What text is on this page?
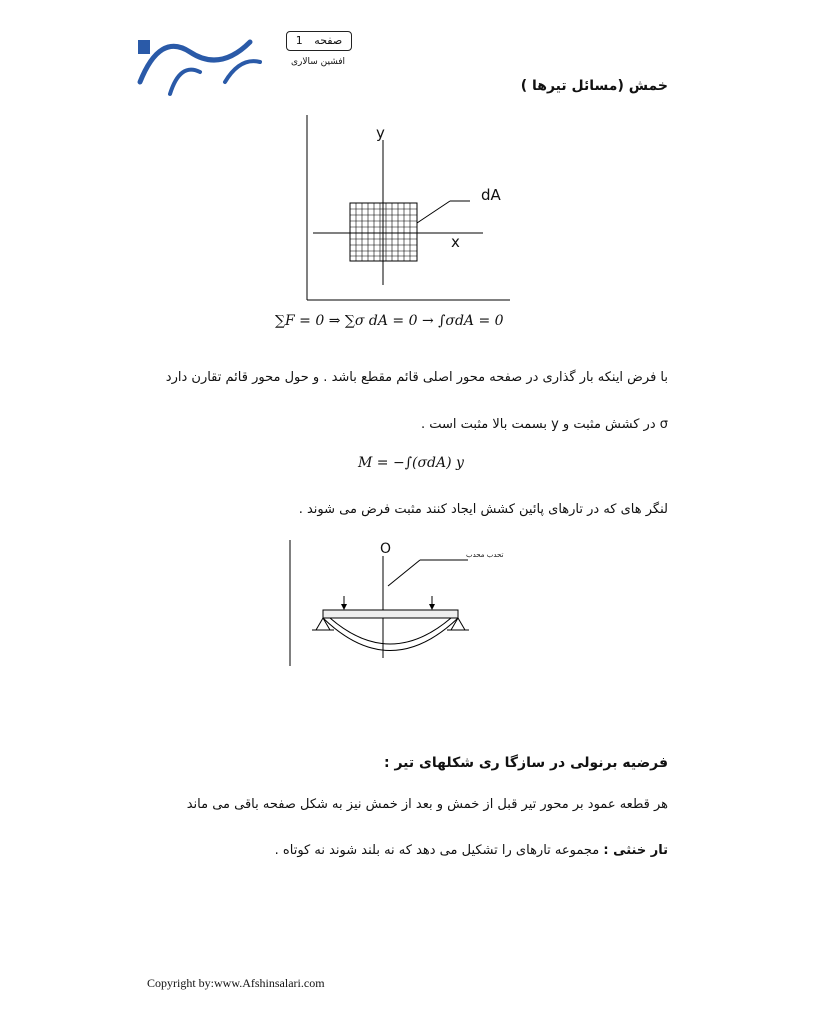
صفحه 1
افشین سالاری
خمش (مسائل تیرها )
y
x
dA
∑F = 0 ⇒ ∑σ dA = 0 → ∫σdA = 0
با فرض اینکه بار گذاری در صفحه محور اصلی قائم مقطع باشد . و حول محور قائم تقارن دارد
σ در کشش مثبت و y بسمت بالا مثبت است .
M = −∫(σdA) y
لنگر های که در تارهای پائین کشش ایجاد کنند مثبت فرض می شوند .
O	تحدب محدب
فرضیه برنولی در سازگا ری شکلهای تیر :
هر قطعه عمود بر محور تیر قبل از خمش و بعد از خمش نیز به شکل صفحه باقی می ماند
تار خنثی : مجموعه تارهای را تشکیل می دهد که نه بلند شوند نه کوتاه .
Copyright by:www.Afshinsalari.com
